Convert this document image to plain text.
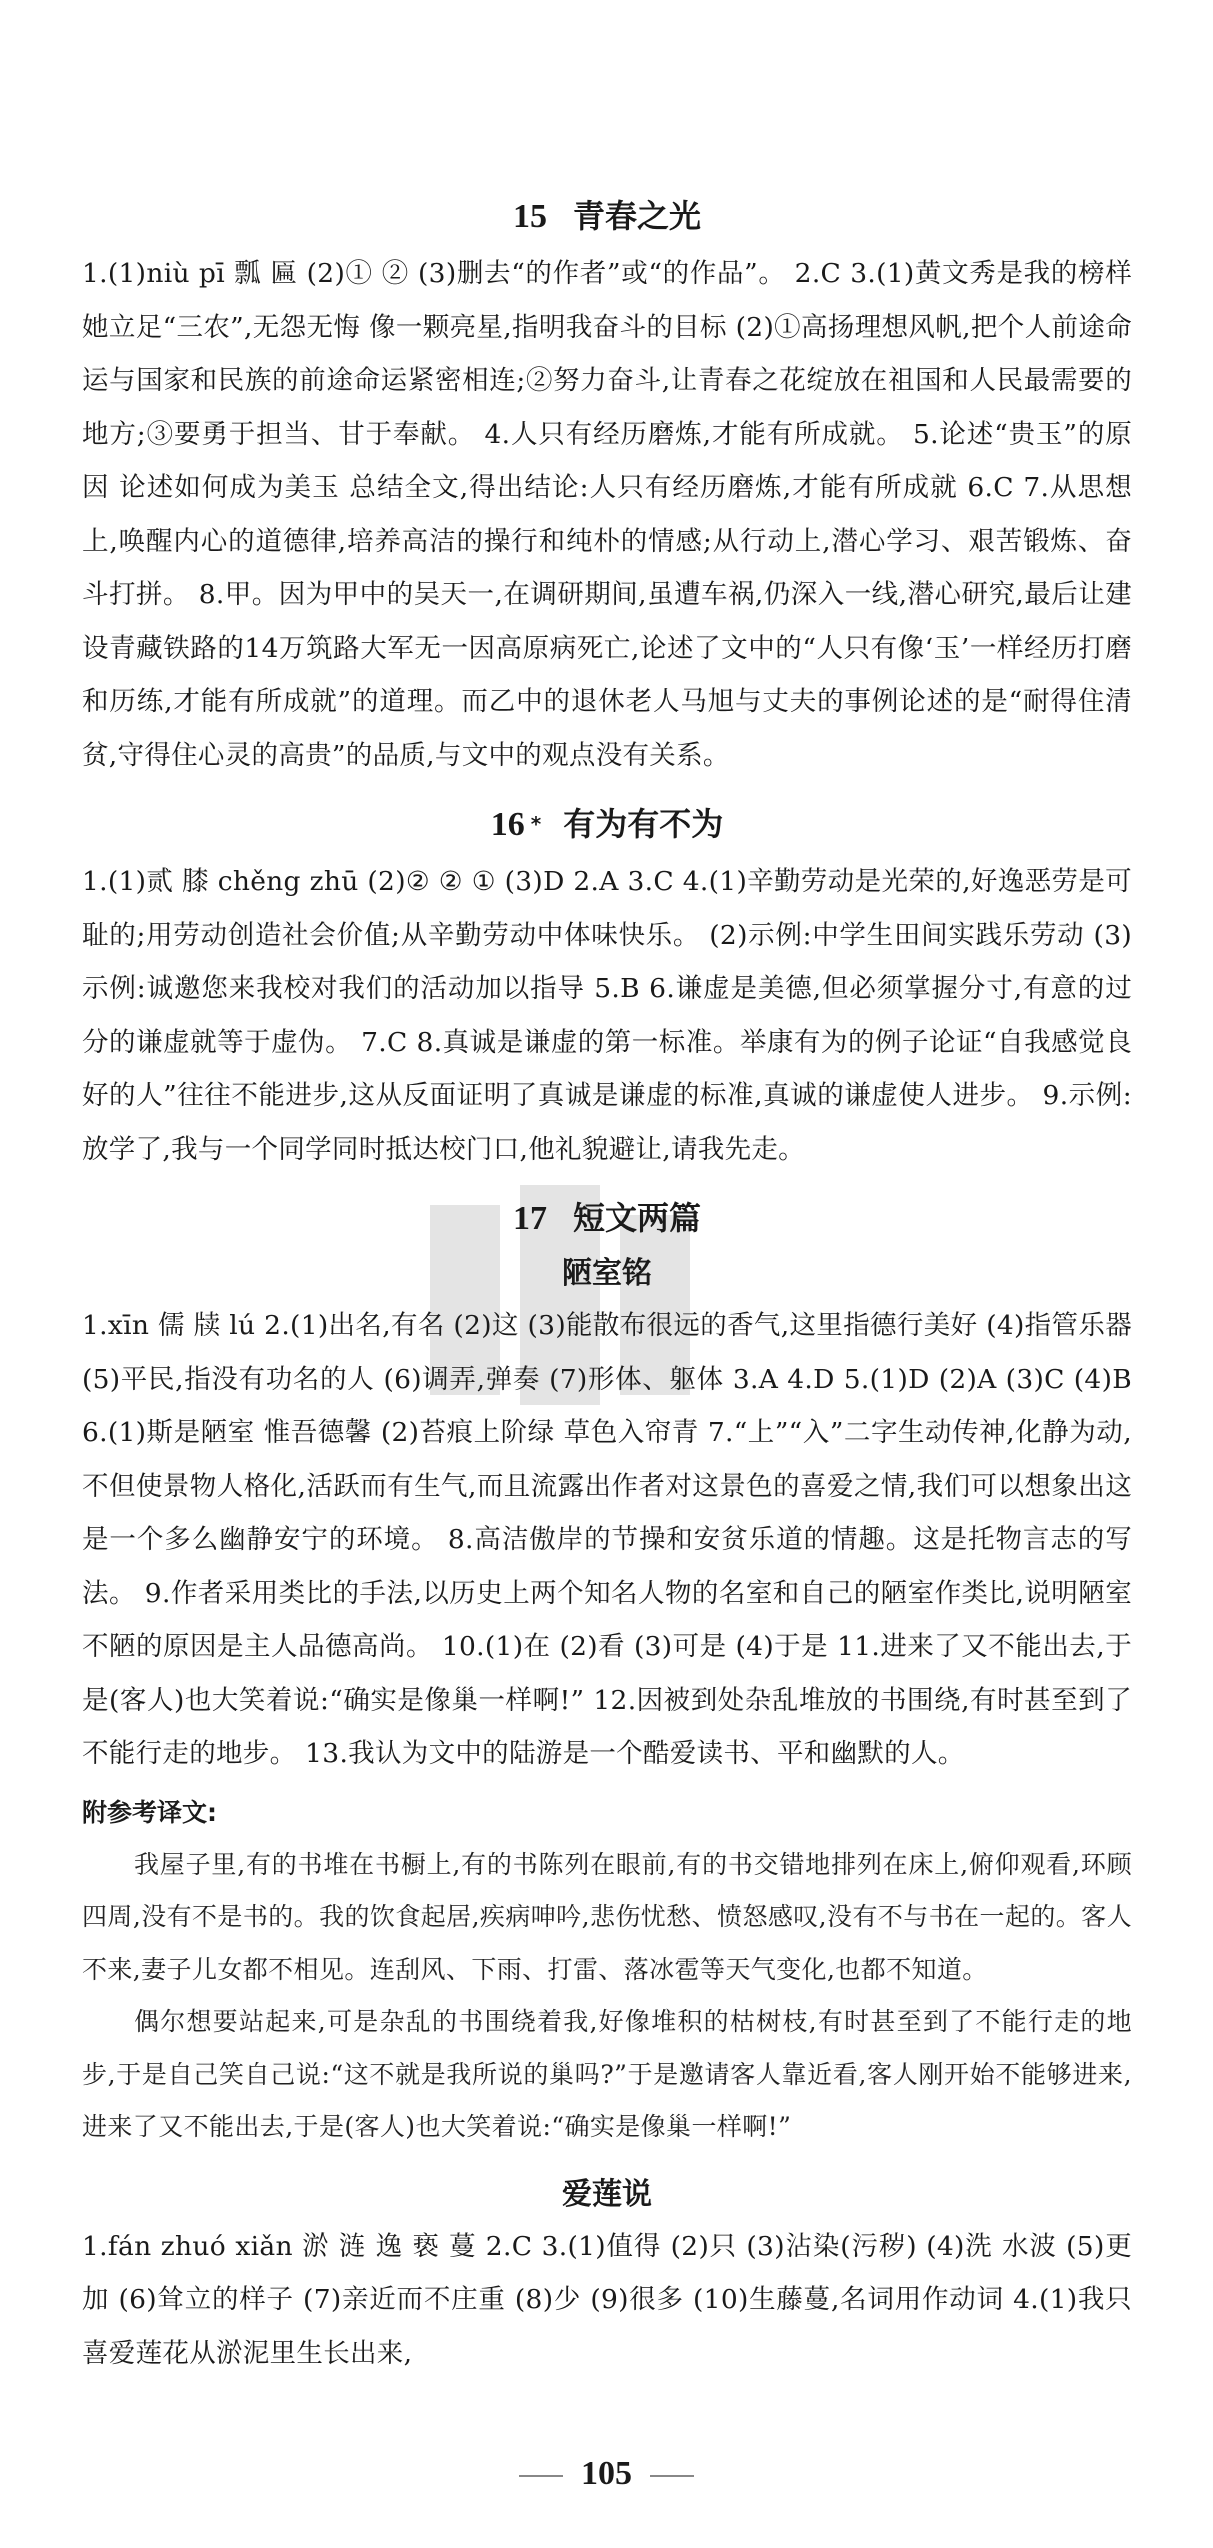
15 青春之光

1.(1)niù pī 瓢 匾 (2)① ② (3)删去“的作者”或“的作品”。 2.C 3.(1)黄文秀是我的榜样 她立足“三农”,无怨无悔 像一颗亮星,指明我奋斗的目标 (2)①高扬理想风帆,把个人前途命运与国家和民族的前途命运紧密相连;②努力奋斗,让青春之花绽放在祖国和人民最需要的地方;③要勇于担当、甘于奉献。 4.人只有经历磨炼,才能有所成就。 5.论述“贵玉”的原因 论述如何成为美玉 总结全文,得出结论:人只有经历磨炼,才能有所成就 6.C 7.从思想上,唤醒内心的道德律,培养高洁的操行和纯朴的情感;从行动上,潜心学习、艰苦锻炼、奋斗打拼。 8.甲。因为甲中的吴天一,在调研期间,虽遭车祸,仍深入一线,潜心研究,最后让建设青藏铁路的14万筑路大军无一因高原病死亡,论述了文中的“人只有像‘玉’一样经历打磨和历练,才能有所成就”的道理。而乙中的退休老人马旭与丈夫的事例论述的是“耐得住清贫,守得住心灵的高贵”的品质,与文中的观点没有关系。

16 * 有为有不为

1.(1)贰 膝 chěng zhū (2)② ② ① (3)D 2.A 3.C 4.(1)辛勤劳动是光荣的,好逸恶劳是可耻的;用劳动创造社会价值;从辛勤劳动中体味快乐。 (2)示例:中学生田间实践乐劳动 (3)示例:诚邀您来我校对我们的活动加以指导 5.B 6.谦虚是美德,但必须掌握分寸,有意的过分的谦虚就等于虚伪。 7.C 8.真诚是谦虚的第一标准。举康有为的例子论证“自我感觉良好的人”往往不能进步,这从反面证明了真诚是谦虚的标准,真诚的谦虚使人进步。 9.示例:放学了,我与一个同学同时抵达校门口,他礼貌避让,请我先走。

17 短文两篇
陋室铭

1.xīn 儒 牍 lú 2.(1)出名,有名 (2)这 (3)能散布很远的香气,这里指德行美好 (4)指管乐器 (5)平民,指没有功名的人 (6)调弄,弹奏 (7)形体、躯体 3.A 4.D 5.(1)D (2)A (3)C (4)B 6.(1)斯是陋室 惟吾德馨 (2)苔痕上阶绿 草色入帘青 7.“上”“入”二字生动传神,化静为动,不但使景物人格化,活跃而有生气,而且流露出作者对这景色的喜爱之情,我们可以想象出这是一个多么幽静安宁的环境。 8.高洁傲岸的节操和安贫乐道的情趣。这是托物言志的写法。 9.作者采用类比的手法,以历史上两个知名人物的名室和自己的陋室作类比,说明陋室不陋的原因是主人品德高尚。 10.(1)在 (2)看 (3)可是 (4)于是 11.进来了又不能出去,于是(客人)也大笑着说:“确实是像巢一样啊!” 12.因被到处杂乱堆放的书围绕,有时甚至到了不能行走的地步。 13.我认为文中的陆游是一个酷爱读书、平和幽默的人。

附参考译文:

我屋子里,有的书堆在书橱上,有的书陈列在眼前,有的书交错地排列在床上,俯仰观看,环顾四周,没有不是书的。我的饮食起居,疾病呻吟,悲伤忧愁、愤怒感叹,没有不与书在一起的。客人不来,妻子儿女都不相见。连刮风、下雨、打雷、落冰雹等天气变化,也都不知道。

偶尔想要站起来,可是杂乱的书围绕着我,好像堆积的枯树枝,有时甚至到了不能行走的地步,于是自己笑自己说:“这不就是我所说的巢吗?”于是邀请客人靠近看,客人刚开始不能够进来,进来了又不能出去,于是(客人)也大笑着说:“确实是像巢一样啊!”

爱莲说

1.fán zhuó xiǎn 淤 涟 逸 亵 蔓 2.C 3.(1)值得 (2)只 (3)沾染(污秽) (4)洗 水波 (5)更加 (6)耸立的样子 (7)亲近而不庄重 (8)少 (9)很多 (10)生藤蔓,名词用作动词 4.(1)我只喜爱莲花从淤泥里生长出来,

105
